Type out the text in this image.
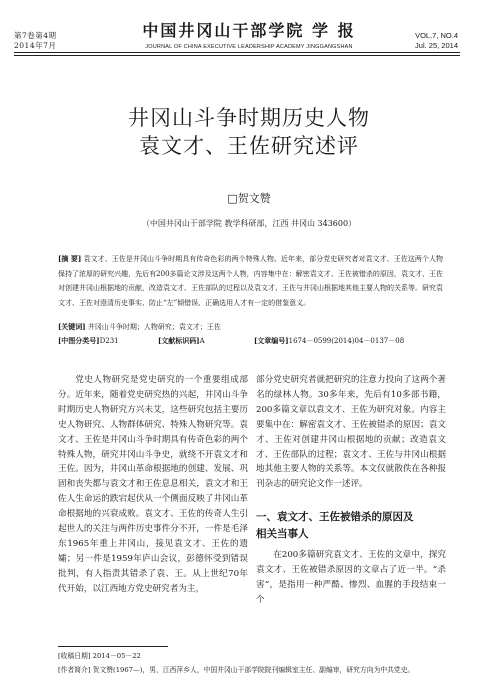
第7卷第4期
2014年7月
中国井冈山干部学院 学 报
JOURNAL OF CHINA EXECUTIVE LEADERSHIP ACADEMY JINGGANGSHAN
VOL.7, NO.4
Jul. 25, 2014
井冈山斗争时期历史人物
袁文才、王佐研究述评
□贺文赞
（中国井冈山干部学院 教学科研部，江西 井冈山 343600）
[摘 要] 袁文才、王佐是井冈山斗争时期具有传奇色彩的两个特殊人物。近年来，部分党史研究者对袁文才、王佐这两个人物保持了浓厚的研究兴趣，先后有200多篇论文涉及这两个人物，内容集中在：解密袁文才、王佐被错杀的原因，袁文才、王佐对创建井冈山根据地的贡献，改造袁文才、王佐部队的过程以及袁文才、王佐与井冈山根据地其他主要人物的关系等。研究袁文才、王佐对澄清历史事实、防止“左”倾错误、正确选用人才有一定的借鉴意义。
[关键词] 井冈山斗争时期；人物研究；袁文才；王佐
[中图分类号]D231	[文献标识码]A	[文章编号]1674－0599(2014)04－0137－08
党史人物研究是党史研究的一个重要组成部分。近年来，随着党史研究热的兴起，井冈山斗争时期历史人物研究方兴未艾，这些研究包括主要历史人物研究、人物群体研究、特殊人物研究等。袁文才、王佐是井冈山斗争时期具有传奇色彩的两个特殊人物，研究井冈山斗争史，就绕不开袁文才和王佐。因为，井冈山革命根据地的创建、发展、巩固和丧失都与袁文才和王佐息息相关，袁文才和王佐人生命运的跌宕起伏从一个侧面反映了井冈山革命根据地的兴衰成败。袁文才、王佐的传奇人生引起世人的关注与两件历史事件分不开，一件是毛泽东1965年重上井冈山，接见袁文才、王佐的遗孀；另一件是1959年庐山会议，彭德怀受到错误批判，有人指责其错杀了袁、王。从上世纪70年代开始，以江西地方党史研究者为主，
部分党史研究者就把研究的注意力投向了这两个著名的绿林人物。30多年来，先后有10多部书籍，200多篇文章以袁文才、王佐为研究对象。内容主要集中在：解密袁文才、王佐被错杀的原因；袁文才、王佐对创建井冈山根据地的贡献；改造袁文才、王佐部队的过程；袁文才、王佐与井冈山根据地其他主要人物的关系等。本文仅就散佚在各种报刊杂志的研究论文作一述评。
一、袁文才、王佐被错杀的原因及
相关当事人
在200多篇研究袁文才、王佐的文章中，探究袁文才、王佐被错杀原因的文章占了近一半。“杀害”，是指用一种严酷、惨烈、血腥的手段结束一个
[收稿日期] 2014－05－22
[作者简介] 贺文赞(1967—)，男，江西萍乡人，中国井冈山干部学院院刊编辑室主任、副编审，研究方向为中共党史。
